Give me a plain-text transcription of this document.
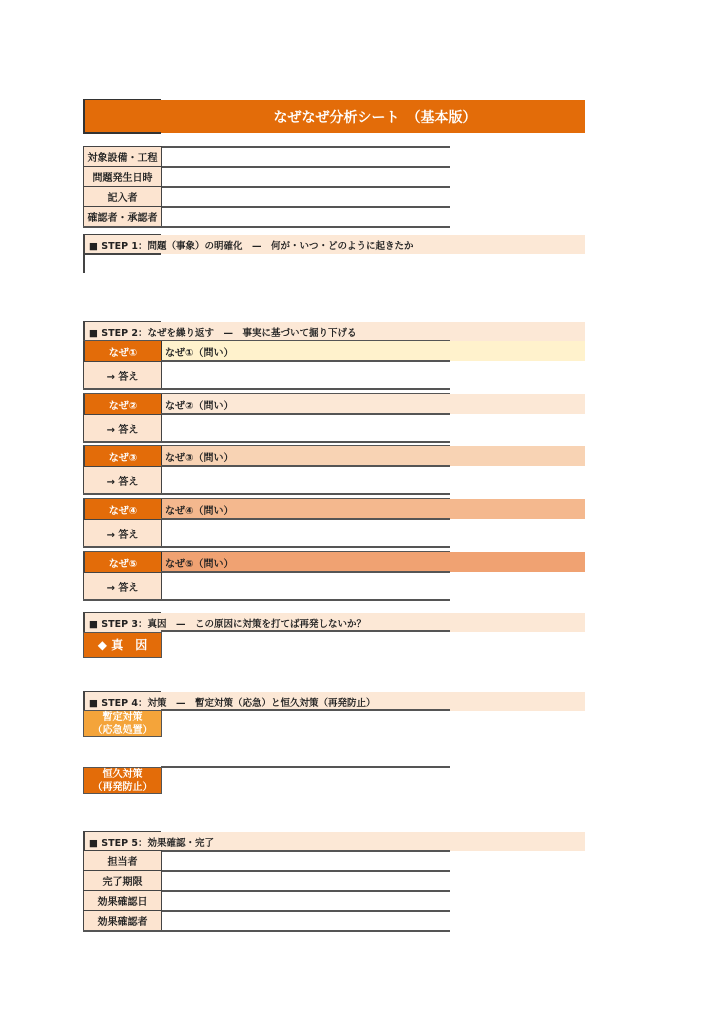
なぜなぜ分析シート　（基本版）
■ STEP 1：問題（事象）の明確化　—　何が・いつ・どのように起きたか
■ STEP 2：なぜを繰り返す　—　事実に基づいて掘り下げる
■ STEP 3：真因　—　この原因に対策を打てば再発しないか？
◆ 真　因
■ STEP 4：対策　—　暫定対策（応急）と恒久対策（再発防止）
暫定対策
（応急処置）
恒久対策
（再発防止）
■ STEP 5：効果確認・完了
対象設備・工程
問題発生日時
記入者
確認者・承認者
なぜ①	なぜ①（問い）
→ 答え
なぜ②	なぜ②（問い）
→ 答え
なぜ③	なぜ③（問い）
→ 答え
なぜ④	なぜ④（問い）
→ 答え
なぜ⑤	なぜ⑤（問い）
→ 答え
担当者
完了期限
効果確認日
効果確認者
